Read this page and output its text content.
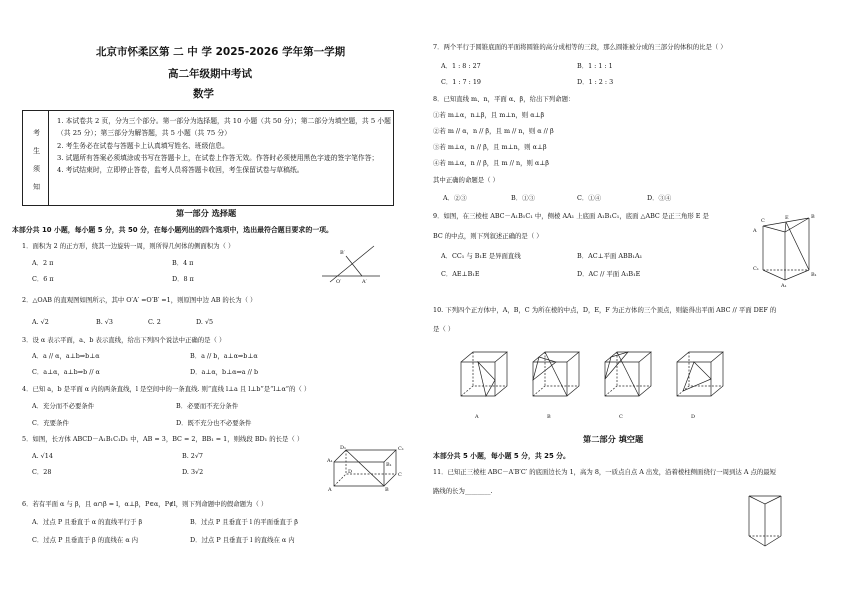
北京市怀柔区第 二 中 学 2025-2026 学年第一学期
高二年级期中考试
数学
考
生
须
知
1. 本试卷共 2 页，分为三个部分。第一部分为选择题，共 10 小题（共 50 分）；第二部分为填空题，共 5 小题（共 25 分）；第三部分为解答题，共 5 小题（共 75 分）
2. 考生务必在试卷与答题卡上认真填写姓名、班级信息。
3. 试题所有答案必须填涂或书写在答题卡上，在试卷上作答无效。作答时必须使用黑色字迹的签字笔作答；
4. 考试结束时，立即停止答卷，监考人员将答题卡收回，考生保留试卷与草稿纸。
第一部分 选择题
本部分共 10 小题，每小题 5 分，共 50 分，在每小题列出的四个选项中，选出最符合题目要求的一项。
1．面积为 2 的正方形，绕其一边旋转一周，则所得几何体的侧面积为（ ）
A．2 π	B．4 π
C．6 π	D．8 π
B′
O′	A′
2．△OAB 的直观图如图所示，其中 O′A′ =O′B′ =1，则原图中边 AB 的长为（ ）
A. √2	B. √3	C. 2	D. √5
3．设 α 表示平面，a、b 表示直线，给出下列四个说法中正确的是（ ）
A．a // α，a⊥b⇒b⊥α	B．a // b，a⊥α⇒b⊥α
C．a⊥α，a⊥b⇒b // α	D．a⊥α，b⊥α⇒a // b
4．已知 a，b 是平面 α 内的两条直线，l 是空间中的一条直线. 则“直线 l⊥a 且 l⊥b”是“l⊥α”的（ ）
A．充分而不必要条件	B．必要而不充分条件
C．充要条件	D．既不充分也不必要条件
5．如图，长方体 ABCD－A₁B₁C₁D₁ 中，AB = 3，BC = 2，BB₁ = 1，则线段 BD₁ 的长是（ ）
A. √14	B. 2√7
C．28	D. 3√2
D₁	C₁
A₁
B₁
D	C
A	B
6．若有平面 α 与 β，且 α∩β = l，α⊥β，P∈α，P∉l，则下列命题中的假命题为（ ）
A．过点 P 且垂直于 α 的直线平行于 β	B．过点 P 且垂直于 l 的平面垂直于 β
C．过点 P 且垂直于 β 的直线在 α 内	D．过点 P 且垂直于 l 的直线在 α 内
7．两个平行于圆锥底面的平面将圆锥的高分成相等的三段，那么圆锥被分成的三部分的体积的比是（ ）
A．1 : 8 : 27	B．1 : 1 : 1
C．1 : 7 : 19	D．1 : 2 : 3
8．已知直线 m、n，平面 α、β，给出下列命题：
①若 m⊥α，n⊥β，且 m⊥n，则 α⊥β
②若 m // α，n // β，且 m // n，则 α // β
③若 m⊥α，n // β，且 m⊥n，则 α⊥β
④若 m⊥α，n // β，且 m // n，则 α⊥β
其中正确的命题是（ ）
A．②③	B．①③	C．①④	D．③④
9．如图，在三棱柱 ABC－A₁B₁C₁ 中，侧棱 AA₁ 上底面 A₁B₁C₁，底面 △ABC 是正三角形 E 是
BC 的中点，则下列叙述正确的是（ ）
A．CC₁ 与 B₁E 是异面直线	B．AC⊥平面 ABB₁A₁
C．AE⊥B₁E	D．AC // 平面 A₁B₁E
A
C	E	B
C₁
B₁
A₁
10. 下列四个正方体中，A，B，C 为所在棱的中点，D，E，F 为正方体的三个顶点，则能得出平面 ABC // 平面 DEF 的
是（ ）
A	B	C	D
第二部分 填空题
本部分共 5 小题，每小题 5 分，共 25 分。
11．已知正三棱柱 ABC－A′B′C′ 的底面边长为 1，高为 8，一质点自点 A 出发，沿着棱柱侧面绕行一周到达 A 点的最短
路线的长为________.
